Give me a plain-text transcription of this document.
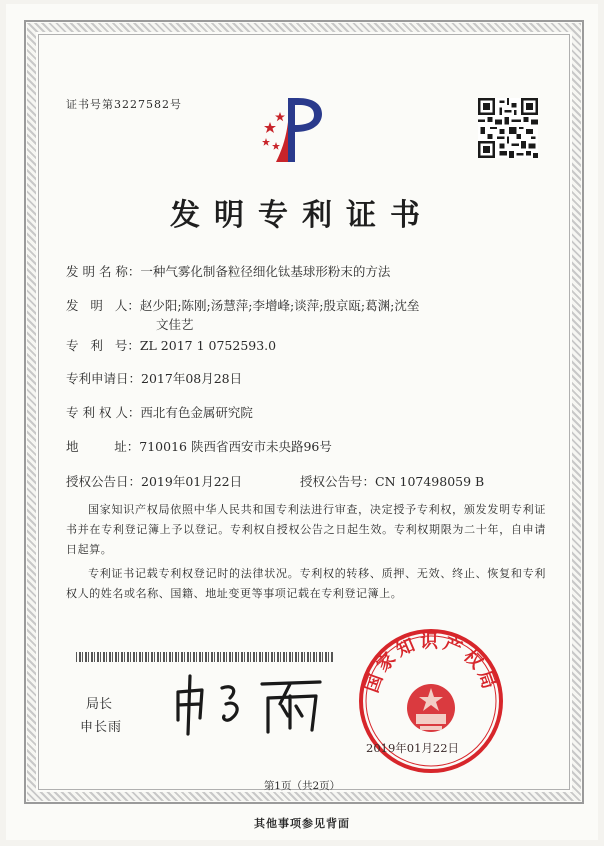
证书号第3227582号
发明专利证书
发 明 名 称：一种气雾化制备粒径细化钛基球形粉末的方法
发   明   人：赵少阳;陈刚;汤慧萍;李增峰;谈萍;殷京瓯;葛渊;沈垒
文佳艺
专   利   号：ZL 2017 1 0752593.0
专利申请日：2017年08月28日
专 利 权 人：西北有色金属研究院
地         址：710016 陕西省西安市未央路96号
授权公告日：2019年01月22日	授权公告号：CN 107498059 B
国家知识产权局依照中华人民共和国专利法进行审查，决定授予专利权，颁发发明专利证书并在专利登记簿上予以登记。专利权自授权公告之日起生效。专利权期限为二十年，自申请日起算。
专利证书记载专利权登记时的法律状况。专利权的转移、质押、无效、终止、恢复和专利权人的姓名或名称、国籍、地址变更等事项记载在专利登记簿上。
局长
申长雨
国家知识产权局
2019年01月22日
第1页（共2页）
其他事项参见背面
